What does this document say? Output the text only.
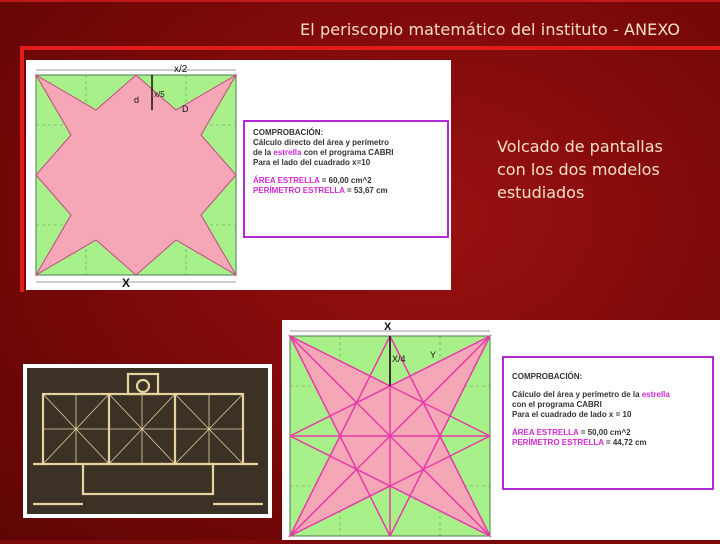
El periscopio matemático del instituto - ANEXO
Volcado de pantallas
con los dos modelos
estudiados
x/2
d
x/5
D
X
COMPROBACIÓN:
Cálculo directo del área y perímetro
de la estrella con el programa CABRI
Para el lado del cuadrado x=10
ÁREA ESTRELLA = 60,00 cm^2
PERÍMETRO ESTRELLA = 53,67 cm
X
X/4	Y
COMPROBACIÓN:
Cálculo del área y perímetro de la estrella
con el programa CABRI
Para el cuadrado de lado x = 10
ÁREA ESTRELLA = 50,00 cm^2
PERÍMETRO ESTRELLA = 44,72 cm
